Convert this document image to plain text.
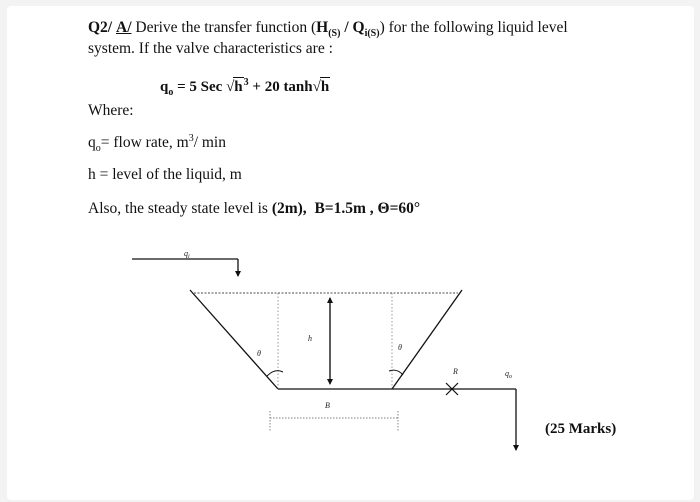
Q2/ A/ Derive the transfer function $(H_{(S)} / Q_{i(S)})$ for the following liquid level
system. If the valve characteristics are :
$q_o = 5$ Sec $√h^3 + 20$ tanh√h
Where:
$q_o=$ flow rate, $m^3/$ min
h = level of the liquid, m
Also, the steady state level is (2m), B=1.5m , Θ=60°
$q_i$
h
θ
θ
R	$q_o$
B
(25 Marks)
